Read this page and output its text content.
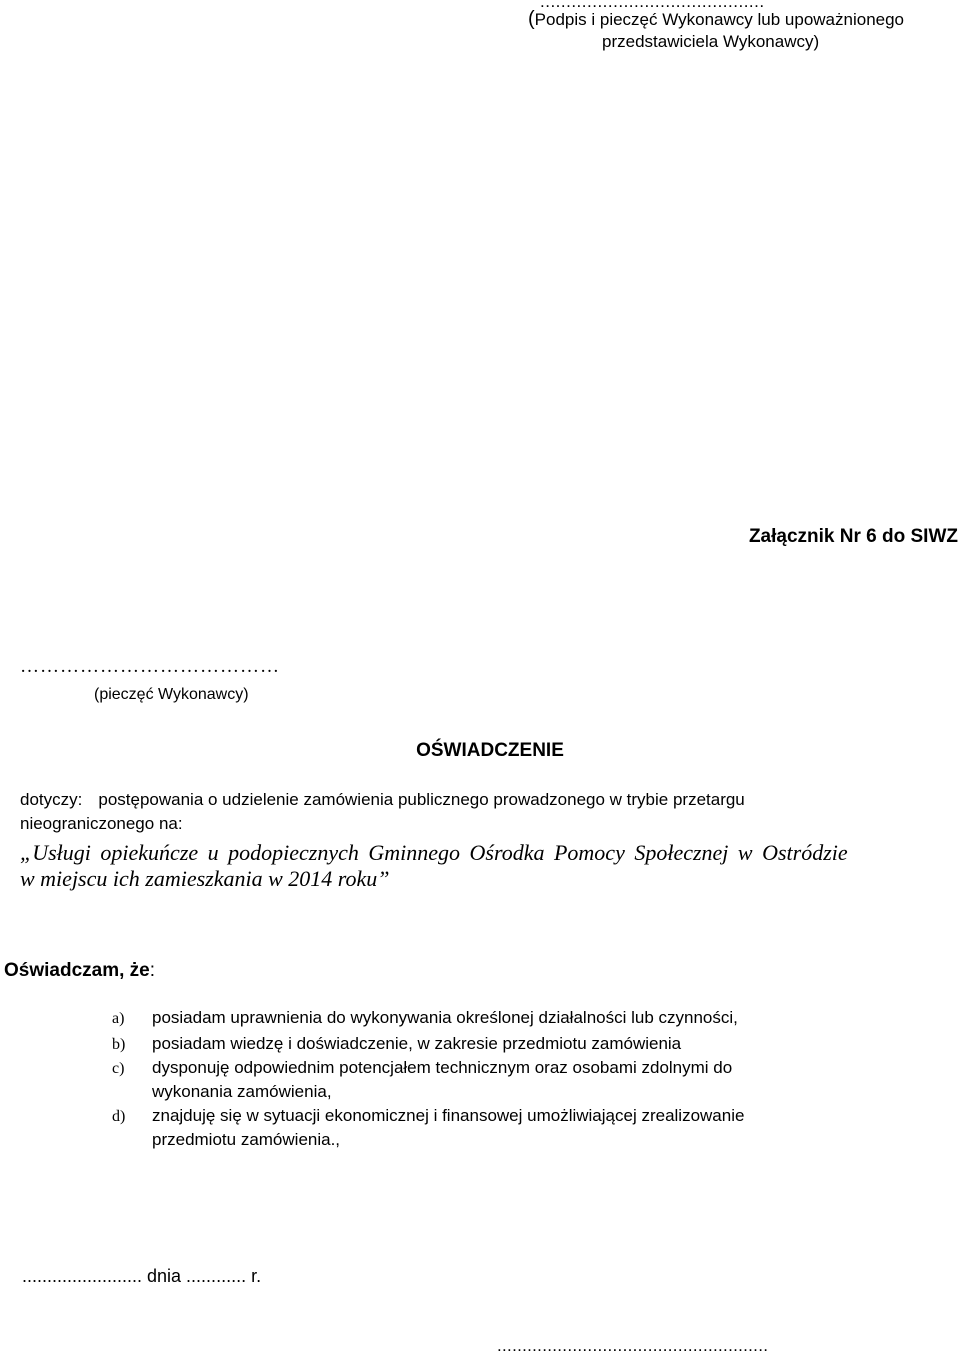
...........................................
(Podpis i pieczęć Wykonawcy lub upoważnionego
przedstawiciela Wykonawcy)
Załącznik Nr 6 do SIWZ
…………………………………
(pieczęć Wykonawcy)
OŚWIADCZENIE
dotyczy: postępowania o udzielenie zamówienia publicznego prowadzonego w trybie przetargu
nieograniczonego na:
„Usługi opiekuńcze u podopiecznych Gminnego Ośrodka Pomocy Społecznej w Ostródzie
w miejscu ich zamieszkania w 2014 roku”
Oświadczam, że:
a) posiadam uprawnienia do wykonywania określonej działalności lub czynności,
b) posiadam wiedzę i doświadczenie, w zakresie przedmiotu zamówienia
c) dysponuję odpowiednim potencjałem technicznym oraz osobami zdolnymi do
wykonania zamówienia,
d) znajduję się w sytuacji ekonomicznej i finansowej umożliwiającej zrealizowanie
przedmiotu zamówienia.,
........................ dnia ............ r.
......................................................
